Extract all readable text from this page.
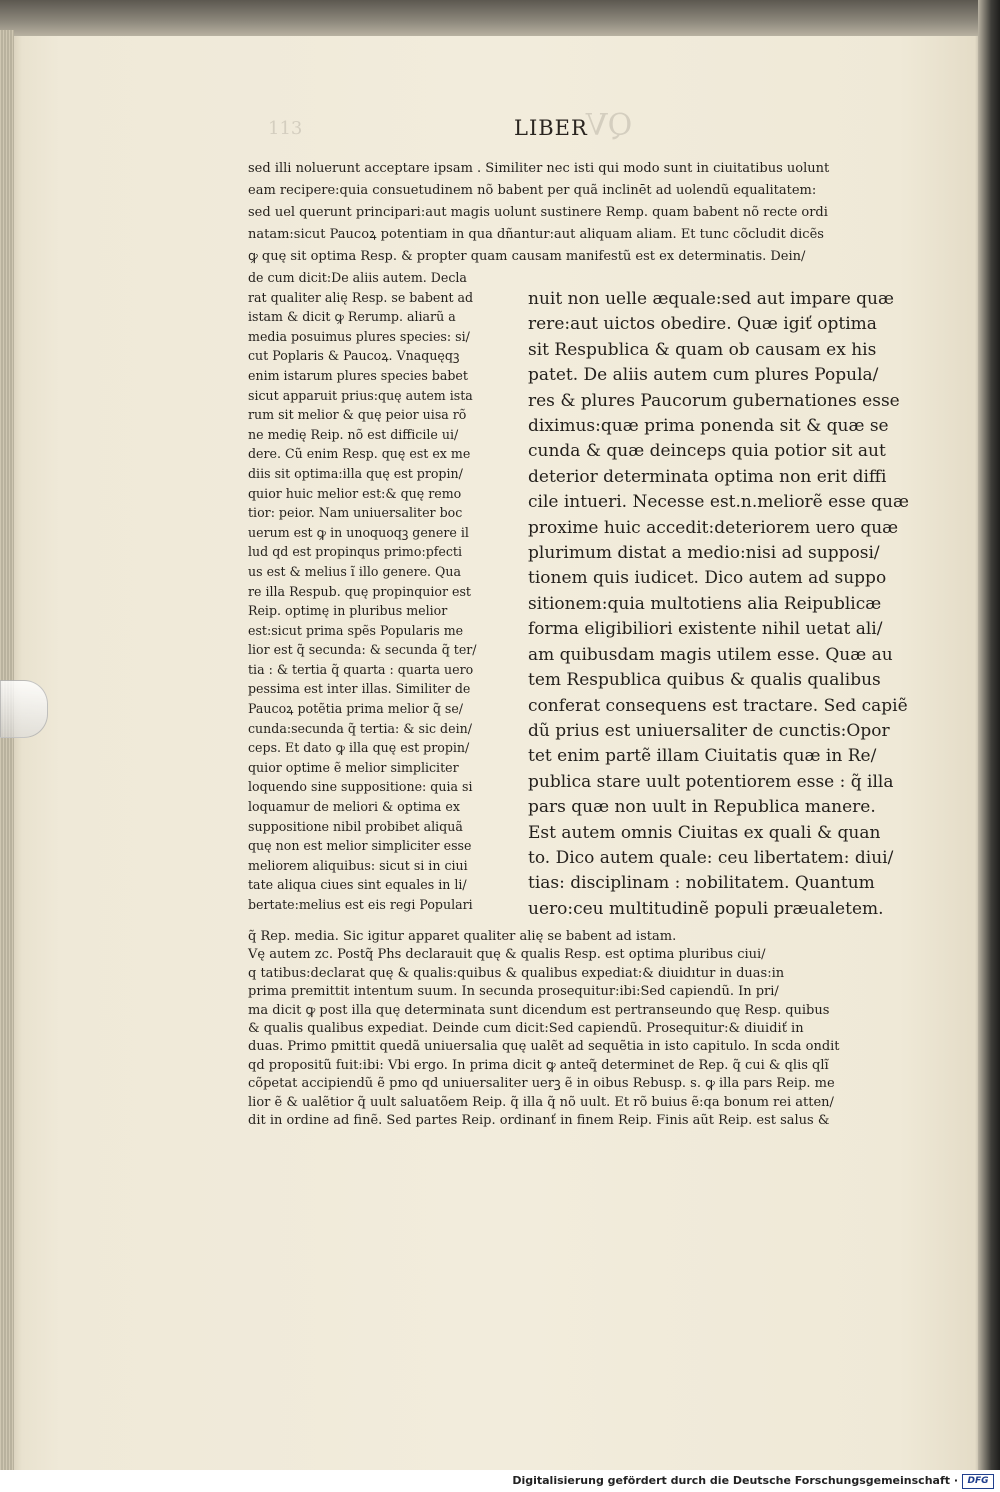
113	QV
LIBER
sed illi noluerunt acceptare ipsam . Similiter nec isti qui modo sunt in ciuitatibus uolunt
eam recipere:quia consuetudinem nõ babent per quã inclinēt ad uolendũ equalitatem:
sed uel querunt principari:aut magis uolunt sustinere Remp. quam babent nõ recte ordi
natam:sicut Paucoꝝ potentiam in qua dñantur:aut aliquam aliam. Et tunc cõcludit dicẽs
ꝙ quę sit optima Resp. & propter quam causam manifestũ est ex determinatis. Dein/
de cum dicit:De aliis autem. Decla
rat qualiter alię Resp. se babent ad
istam & dicit ꝙ Rerump. aliarũ a
media posuimus plures species: si/
cut Poplaris & Paucoꝝ. Vnaquęqꝫ
enim istarum plures species babet
sicut apparuit prius:quę autem ista
rum sit melior & quę peior uisa rõ
ne medię Reip. nõ est difficile ui/
dere. Cũ enim Resp. quę est ex me
diis sit optima:illa quę est propin/
quior huic melior est:& quę remo
tior: peior. Nam uniuersaliter boc
uerum est ꝙ in unoquoqꝫ genere il
lud qd est propinqus primo:pfecti
us est & melius ĩ illo genere. Qua
re illa Respub. quę propinquior est
Reip. optimę in pluribus melior
est:sicut prima spẽs Popularis me
lior est q̃ secunda: & secunda q̃ ter/
tia : & tertia q̃ quarta : quarta uero
pessima est inter illas. Similiter de
Paucoꝝ potẽtia prima melior q̃ se/
cunda:secunda q̃ tertia: & sic dein/
ceps. Et dato ꝙ illa quę est propin/
quior optime ẽ melior simpliciter
loquendo sine suppositione: quia si
loquamur de meliori & optima ex
suppositione nibil probibet aliquã
quę non est melior simpliciter esse
meliorem aliquibus: sicut si in ciui
tate aliqua ciues sint equales in li/
bertate:melius est eis regi Populari
nuit non uelle æquale:sed aut impare quæ
rere:aut uictos obedire. Quæ igiť optima
sit Respublica & quam ob causam ex his
patet. De aliis autem cum plures Popula/
res & plures Paucorum gubernationes esse
diximus:quæ prima ponenda sit & quæ se
cunda & quæ deinceps quia potior sit aut
deterior determinata optima non erit diffi
cile intueri. Necesse est.n.meliorẽ esse quæ
proxime huic accedit:deteriorem uero quæ
plurimum distat a medio:nisi ad supposi/
tionem quis iudicet. Dico autem ad suppo
sitionem:quia multotiens alia Reipublicæ
forma eligibiliori existente nihil uetat ali/
am quibusdam magis utilem esse. Quæ au
tem Respublica quibus & qualis qualibus
conferat consequens est tractare. Sed capiẽ
dũ prius est uniuersaliter de cunctis:Opor
tet enim partẽ illam Ciuitatis quæ in Re/
publica stare uult potentiorem esse : q̃ illa
pars quæ non uult in Republica manere.
Est autem omnis Ciuitas ex quali & quan
to. Dico autem quale: ceu libertatem: diui/
tias: disciplinam : nobilitatem. Quantum
uero:ceu multitudinẽ populi præualetem.
q̃ Rep. media. Sic igitur apparet qualiter alię se babent ad istam.
Vę autem zc. Postq̃ Phs declarauit quę & qualis Resp. est optima pluribus ciui/
q tatibus:declarat quę & qualis:quibus & qualibus expediat:& diuidıtur in duas:in
prima premittit intentum suum. In secunda prosequitur:ibi:Sed capiendũ. In pri/
ma dicit ꝙ post illa quę determinata sunt dicendum est pertranseundo quę Resp. quibus
& qualis qualibus expediat. Deinde cum dicit:Sed capiendũ. Prosequitur:& diuidiť in
duas. Primo pmittit quedã uniuersalia quę ualẽt ad sequẽtia in isto capitulo. In scda ondit
qd propositũ fuit:ibi: Vbi ergo. In prima dicit ꝙ anteq̃ determinet de Rep. q̃ cui & qlis qlĩ
cõpetat accipiendũ ẽ pmo qd uniuersaliter uerꝫ ẽ in oibus Rebusp. s. ꝙ illa pars Reip. me
lior ẽ & ualẽtior q̃ uult saluatõem Reip. q̃ illa q̃ nõ uult. Et rõ buius ẽ:qa bonum rei atten/
dit in ordine ad finẽ. Sed partes Reip. ordinanť in finem Reip. Finis aũt Reip. est salus &
Digitalisierung gefördert durch die Deutsche Forschungsgemeinschaft ·	DFG
